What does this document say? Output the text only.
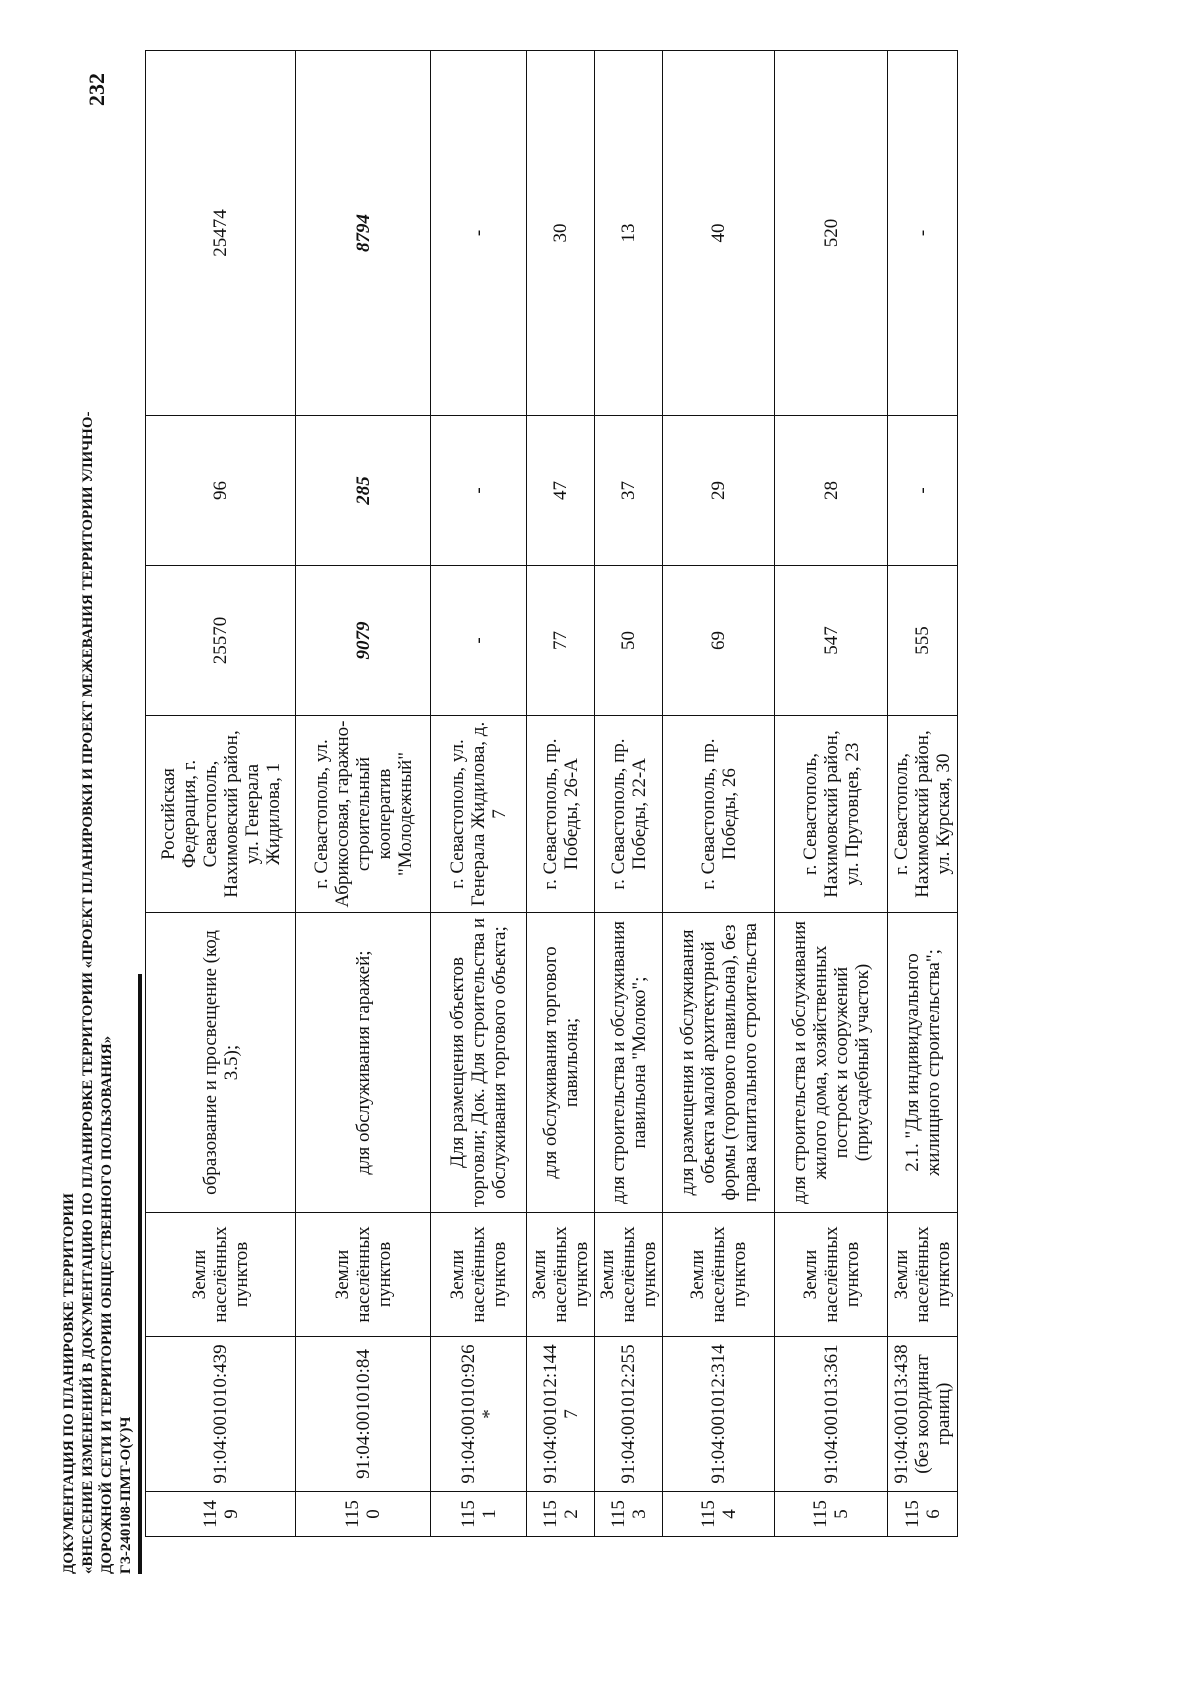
ДОКУМЕНТАЦИЯ ПО ПЛАНИРОВКЕ ТЕРРИТОРИИ «ВНЕСЕНИЕ ИЗМЕНЕНИЙ В ДОКУМЕНТАЦИЮ ПО ПЛАНИРОВКЕ ТЕРРИТОРИИ «ПРОЕКТ ПЛАНИРОВКИ И ПРОЕКТ МЕЖЕВАНИЯ ТЕРРИТОРИИ УЛИЧНО- ДОРОЖНОЙ СЕТИ И ТЕРРИТОРИИ ОБЩЕСТВЕННОГО ПОЛЬЗОВАНИЯ» ГЗ-240108-ПМТ-О(У)Ч
232
1149	91:04:001010:439	Земли населённых пунктов	образование и просвещение (код 3.5);	Российская Федерация, г. Севастополь, Нахимовский район, ул. Генерала Жидилова, 1	25570	96	25474
1150	91:04:001010:84	Земли населённых пунктов	для обслуживания гаражей;	г. Севастополь, ул. Абрикосовая, гаражно-строительный кооператив "Молодежный"	9079	285	8794
1151	91:04:001010:926 *	Земли населённых пунктов	Для размещения объектов торговли; Док. Для строительства и обслуживания торгового объекта;	г. Севастополь, ул. Генерала Жидилова, д. 7	-	-	-
1152	91:04:001012:1447	Земли населённых пунктов	для обслуживания торгового павильона;	г. Севастополь, пр. Победы, 26-А	77	47	30
1153	91:04:001012:255	Земли населённых пунктов	для строительства и обслуживания павильона "Молоко";	г. Севастополь, пр. Победы, 22-А	50	37	13
1154	91:04:001012:314	Земли населённых пунктов	для размещения и обслуживания объекта малой архитектурной формы (торгового павильона), без права капитального строительства	г. Севастополь, пр. Победы, 26	69	29	40
1155	91:04:001013:361	Земли населённых пунктов	для строительства и обслуживания жилого дома, хозяйственных построек и сооружений (приусадебный участок)	г. Севастополь, Нахимовский район, ул. Прутовцев, 23	547	28	520
1156	91:04:001013:438 (без координат границ)	Земли населённых пунктов	2.1. "Для индивидуального жилищного строительства";	г. Севастополь, Нахимовский район, ул. Курская, 30	555	-	-
